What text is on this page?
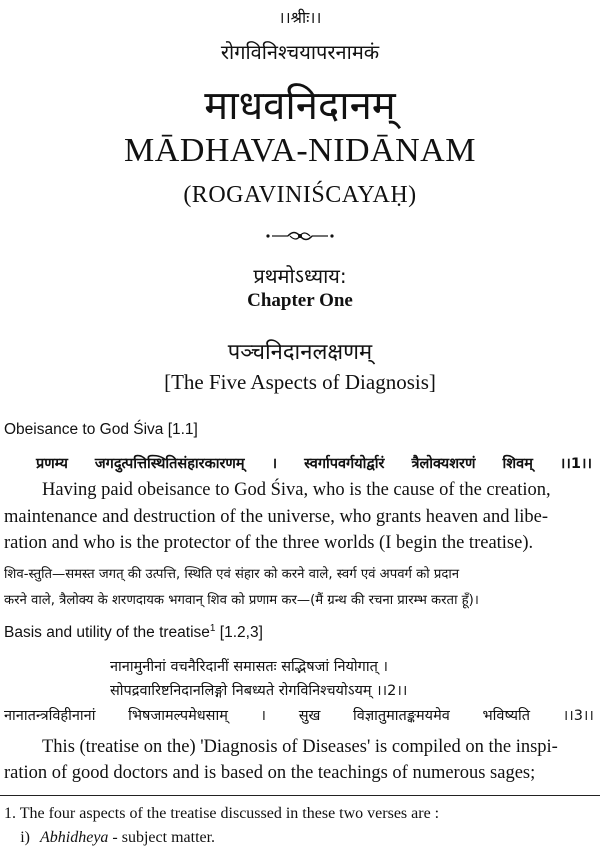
।।श्रीः।।
रोगविनिश्चयापरनामकं
माधवनिदानम्
MĀDHAVA-NIDĀNAM
(ROGAVINIŚCAYAḤ)
प्रथमोऽध्याय:
Chapter One
पञ्चनिदानलक्षणम्
[The Five Aspects of Diagnosis]
Obeisance to God Śiva [1.1]
प्रणम्य जगदुत्पत्तिस्थितिसंहारकारणम् । स्वर्गापवर्गयोर्द्वारं त्रैलोक्यशरणं शिवम् ।।1।।
Having paid obeisance to God Śiva, who is the cause of the creation,
maintenance and destruction of the universe, who grants heaven and libe-
ration and who is the protector of the three worlds (I begin the treatise).
शिव-स्तुति—समस्त जगत् की उत्पत्ति, स्थिति एवं संहार को करने वाले, स्वर्ग एवं अपवर्ग को प्रदान
करने वाले, त्रैलोक्य के शरणदायक भगवान् शिव को प्रणाम कर—(मैं ग्रन्थ की रचना प्रारम्भ करता हूँ)।
Basis and utility of the treatise$^1$ [1.2,3]
नानामुनीनां वचनैरिदानीं समासतः सद्भिषजां नियोगात् ।
सोपद्रवारिष्टनिदानलिङ्गो निबध्यते रोगविनिश्चयोऽयम् ।।2।।
नानातन्त्रविहीनानां भिषजामल्पमेधसाम् । सुख विज्ञातुमातङ्कमयमेव भविष्यति ।।3।।
This (treatise on the) 'Diagnosis of Diseases' is compiled on the inspi-
ration of good doctors and is based on the teachings of numerous sages;
1. The four aspects of the treatise discussed in these two verses are :
i) Abhidheya - subject matter.
